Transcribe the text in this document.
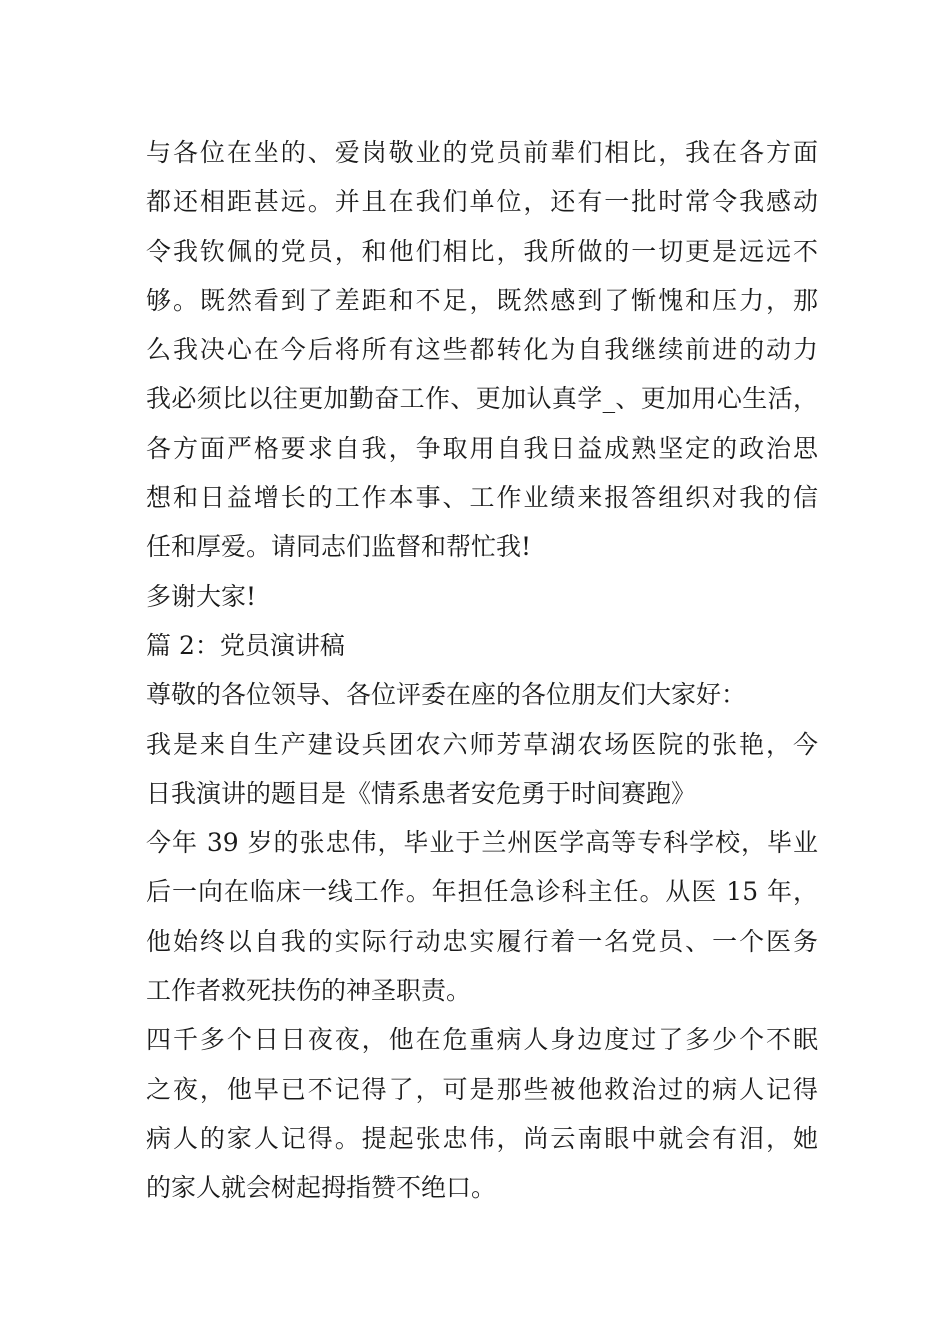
与各位在坐的、爱岗敬业的党员前辈们相比，我在各方面
都还相距甚远。并且在我们单位，还有一批时常令我感动
令我钦佩的党员，和他们相比，我所做的一切更是远远不
够。既然看到了差距和不足，既然感到了惭愧和压力，那
么我决心在今后将所有这些都转化为自我继续前进的动力
我必须比以往更加勤奋工作、更加认真学_、更加用心生活，
各方面严格要求自我，争取用自我日益成熟坚定的政治思
想和日益增长的工作本事、工作业绩来报答组织对我的信
任和厚爱。请同志们监督和帮忙我!
多谢大家!
篇 2：党员演讲稿
尊敬的各位领导、各位评委在座的各位朋友们大家好：
我是来自生产建设兵团农六师芳草湖农场医院的张艳，今
日我演讲的题目是《情系患者安危勇于时间赛跑》
今年 39 岁的张忠伟，毕业于兰州医学高等专科学校，毕业
后一向在临床一线工作。年担任急诊科主任。从医 15 年，
他始终以自我的实际行动忠实履行着一名党员、一个医务
工作者救死扶伤的神圣职责。
四千多个日日夜夜，他在危重病人身边度过了多少个不眠
之夜，他早已不记得了，可是那些被他救治过的病人记得
病人的家人记得。提起张忠伟，尚云南眼中就会有泪，她
的家人就会树起拇指赞不绝口。
